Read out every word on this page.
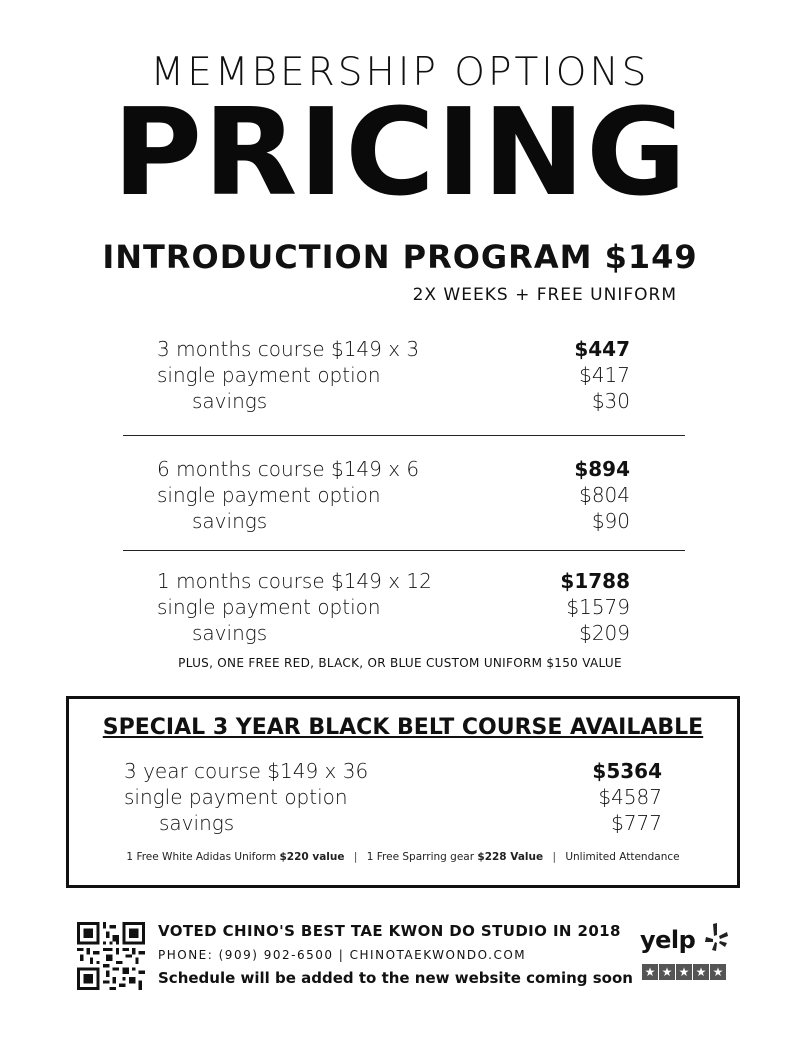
MEMBERSHIP OPTIONS
PRICING
INTRODUCTION PROGRAM $149
2X WEEKS + FREE UNIFORM
3 months course $149 x 3	$447
single payment option	$417
savings	$30
6 months course $149 x 6	$894
single payment option	$804
savings	$90
1 months course $149 x 12	$1788
single payment option	$1579
savings	$209
PLUS, ONE FREE RED, BLACK, OR BLUE CUSTOM UNIFORM $150 VALUE
SPECIAL 3 YEAR BLACK BELT COURSE AVAILABLE
3 year course $149 x 36	$5364
single payment option	$4587
savings	$777
1 Free White Adidas Uniform $220 value | 1 Free Sparring gear $228 Value | Unlimited Attendance
VOTED CHINO'S BEST TAE KWON DO STUDIO IN 2018
PHONE: (909) 902-6500 | CHINOTAEKWONDO.COM
Schedule will be added to the new website coming soon
yelp
★ ★ ★ ★ ★
